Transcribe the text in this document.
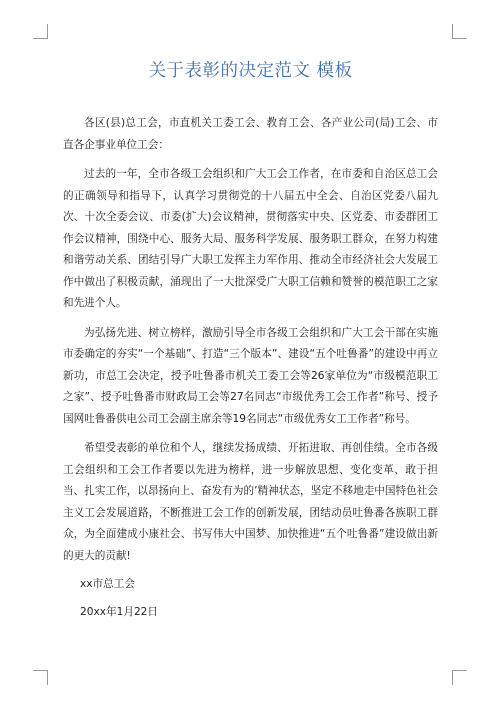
关于表彰的决定范文 模板

各区(县)总工会，市直机关工委工会、教育工会、各产业公司(局)工会、市直各企事业单位工会：

过去的一年，全市各级工会组织和广大工会工作者，在市委和自治区总工会的正确领导和指导下，认真学习贯彻党的十八届五中全会、自治区党委八届九次、十次全委会议、市委(扩大)会议精神，贯彻落实中央、区党委、市委群团工作会议精神，围绕中心、服务大局、服务科学发展、服务职工群众，在努力构建和谐劳动关系、团结引导广大职工发挥主力军作用、推动全市经济社会大发展工作中做出了积极贡献，涌现出了一大批深受广大职工信赖和赞誉的模范职工之家和先进个人。

为弘扬先进、树立榜样，激励引导全市各级工会组织和广大工会干部在实施市委确定的夯实“一个基础”、打造“三个版本”、建设“五个吐鲁番”的建设中再立新功，市总工会决定，授予吐鲁番市机关工委工会等26家单位为“市级模范职工之家”、授予吐鲁番市财政局工会等27名同志“市级优秀工会工作者”称号、授予国网吐鲁番供电公司工会副主席余等19名同志“市级优秀女工工作者”称号。

希望受表彰的单位和个人，继续发扬成绩、开拓进取、再创佳绩。全市各级工会组织和工会工作者要以先进为榜样，进一步解放思想、变化变革、敢于担当、扎实工作，以昂扬向上、奋发有为的’精神状态，坚定不移地走中国特色社会主义工会发展道路，不断推进工会工作的创新发展，团结动员吐鲁番各族职工群众，为全面建成小康社会、书写伟大中国梦、加快推进“五个吐鲁番”建设做出新的更大的贡献!

xx市总工会

20xx年1月22日
